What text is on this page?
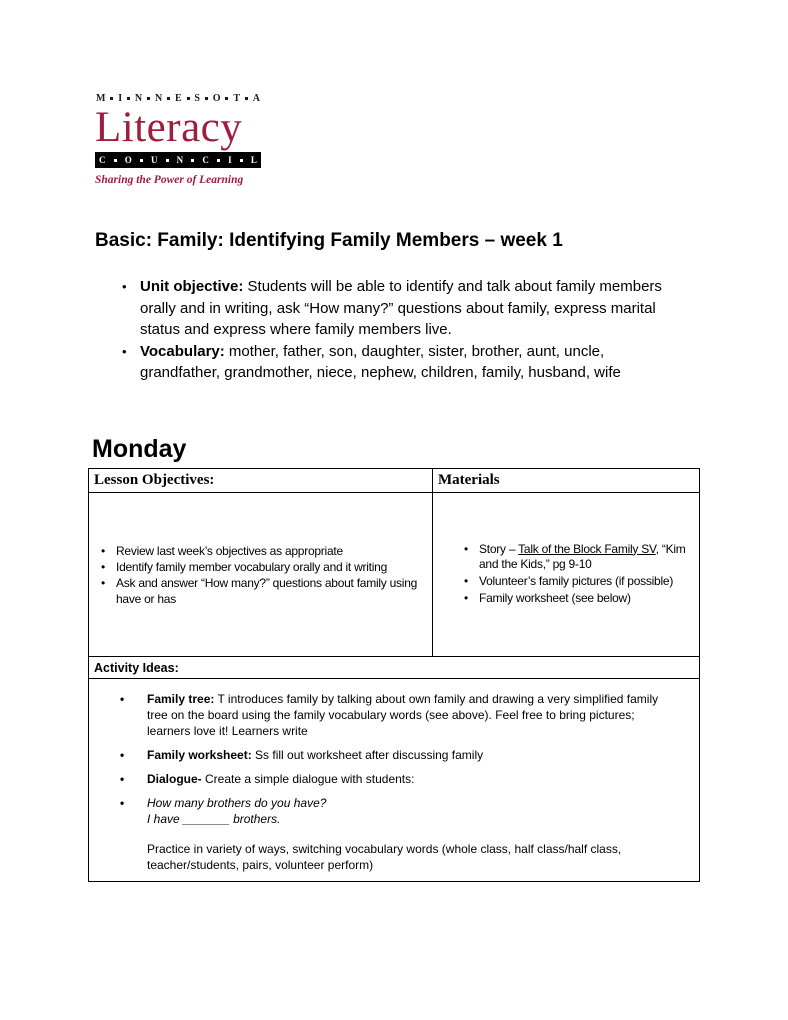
M I N N E S O T A
Literacy
C O U N C I L
Sharing the Power of Learning
Basic: Family: Identifying Family Members – week 1
• Unit objective: Students will be able to identify and talk about family members orally and in writing, ask “How many?” questions about family, express marital status and express where family members live.
• Vocabulary: mother, father, son, daughter, sister, brother, aunt, uncle, grandfather, grandmother, niece, nephew, children, family, husband, wife
Monday
Lesson Objectives:	Materials

• Review last week’s objectives as appropriate
• Identify family member vocabulary orally and it writing
• Ask and answer “How many?” questions about family using have or has

• Story – Talk of the Block Family SV, “Kim and the Kids,” pg 9-10
• Volunteer’s family pictures (if possible)
• Family worksheet (see below)

Activity Ideas:	

• Family tree: T introduces family by talking about own family and drawing a very simplified family tree on the board using the family vocabulary words (see above). Feel free to bring pictures; learners love it! Learners write
• Family worksheet: Ss fill out worksheet after discussing family
• Dialogue- Create a simple dialogue with students:
• How many brothers do you have?
I have _______ brothers.
Practice in variety of ways, switching vocabulary words (whole class, half class/half class, teacher/students, pairs, volunteer perform)
